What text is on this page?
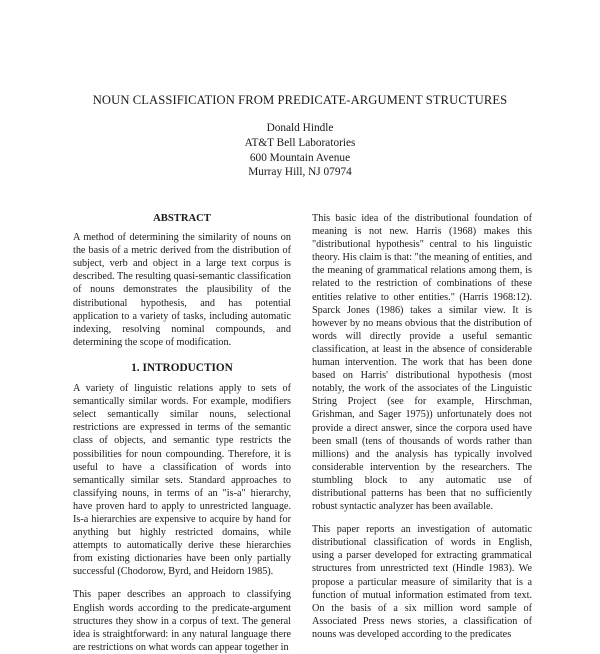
NOUN CLASSIFICATION FROM PREDICATE-ARGUMENT STRUCTURES
Donald Hindle
AT&T Bell Laboratories
600 Mountain Avenue
Murray Hill, NJ 07974
ABSTRACT
A method of determining the similarity of nouns on the basis of a metric derived from the distribution of subject, verb and object in a large text corpus is described. The resulting quasi-semantic classification of nouns demonstrates the plausibility of the distributional hypothesis, and has potential application to a variety of tasks, including automatic indexing, resolving nominal compounds, and determining the scope of modification.
1. INTRODUCTION
A variety of linguistic relations apply to sets of semantically similar words. For example, modifiers select semantically similar nouns, selectional restrictions are expressed in terms of the semantic class of objects, and semantic type restricts the possibilities for noun compounding. Therefore, it is useful to have a classification of words into semantically similar sets. Standard approaches to classifying nouns, in terms of an "is-a" hierarchy, have proven hard to apply to unrestricted language. Is-a hierarchies are expensive to acquire by hand for anything but highly restricted domains, while attempts to automatically derive these hierarchies from existing dictionaries have been only partially successful (Chodorow, Byrd, and Heidorn 1985).
This paper describes an approach to classifying English words according to the predicate-argument structures they show in a corpus of text. The general idea is straightforward: in any natural language there are restrictions on what words can appear together in
This basic idea of the distributional foundation of meaning is not new. Harris (1968) makes this "distributional hypothesis" central to his linguistic theory. His claim is that: "the meaning of entities, and the meaning of grammatical relations among them, is related to the restriction of combinations of these entities relative to other entities." (Harris 1968:12). Sparck Jones (1986) takes a similar view. It is however by no means obvious that the distribution of words will directly provide a useful semantic classification, at least in the absence of considerable human intervention. The work that has been done based on Harris' distributional hypothesis (most notably, the work of the associates of the Linguistic String Project (see for example, Hirschman, Grishman, and Sager 1975)) unfortunately does not provide a direct answer, since the corpora used have been small (tens of thousands of words rather than millions) and the analysis has typically involved considerable intervention by the researchers. The stumbling block to any automatic use of distributional patterns has been that no sufficiently robust syntactic analyzer has been available.
This paper reports an investigation of automatic distributional classification of words in English, using a parser developed for extracting grammatical structures from unrestricted text (Hindle 1983). We propose a particular measure of similarity that is a function of mutual information estimated from text. On the basis of a six million word sample of Associated Press news stories, a classification of nouns was developed according to the predicates
